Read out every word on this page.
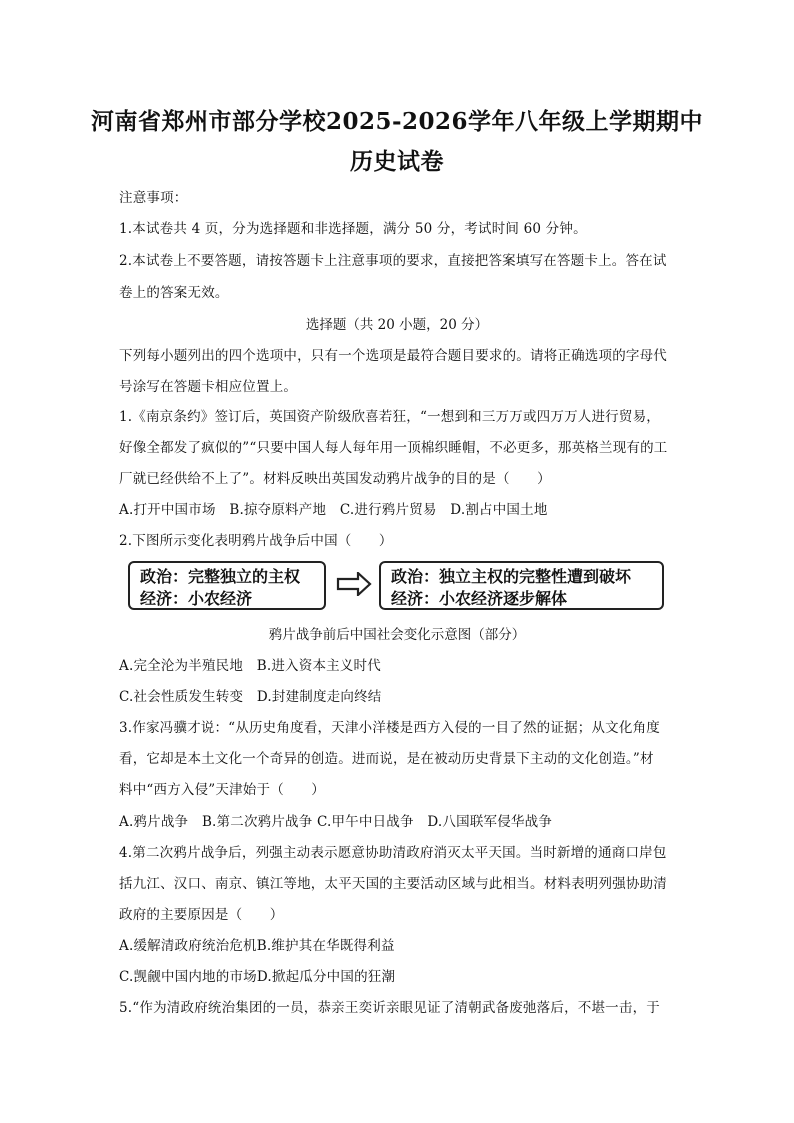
河南省郑州市部分学校2025-2026学年八年级上学期期中
历史试卷
注意事项：
1.本试卷共 4 页，分为选择题和非选择题，满分 50 分，考试时间 60 分钟。
2.本试卷上不要答题，请按答题卡上注意事项的要求，直接把答案填写在答题卡上。答在试
卷上的答案无效。
选择题（共 20 小题，20 分）
下列每小题列出的四个选项中，只有一个选项是最符合题目要求的。请将正确选项的字母代
号涂写在答题卡相应位置上。
1.《南京条约》签订后，英国资产阶级欣喜若狂，“一想到和三万万或四万万人进行贸易，
好像全都发了疯似的”“只要中国人每人每年用一顶棉织睡帽，不必更多，那英格兰现有的工
厂就已经供给不上了”。材料反映出英国发动鸦片战争的目的是（　　）
A.打开中国市场　B.掠夺原料产地　C.进行鸦片贸易　D.割占中国土地
2.下图所示变化表明鸦片战争后中国（　　）
政治：完整独立的主权
经济：小农经济
政治：独立主权的完整性遭到破坏
经济：小农经济逐步解体
鸦片战争前后中国社会变化示意图（部分）
A.完全沦为半殖民地　B.进入资本主义时代
C.社会性质发生转变　D.封建制度走向终结
3.作家冯骥才说：“从历史角度看，天津小洋楼是西方入侵的一目了然的证据；从文化角度
看，它却是本土文化一个奇异的创造。进而说，是在被动历史背景下主动的文化创造。”材
料中“西方入侵”天津始于（　　）
A.鸦片战争　B.第二次鸦片战争 C.甲午中日战争　D.八国联军侵华战争
4.第二次鸦片战争后，列强主动表示愿意协助清政府消灭太平天国。当时新增的通商口岸包
括九江、汉口、南京、镇江等地，太平天国的主要活动区域与此相当。材料表明列强协助清
政府的主要原因是（　　）
A.缓解清政府统治危机B.维护其在华既得利益
C.觊觎中国内地的市场D.掀起瓜分中国的狂潮
5.“作为清政府统治集团的一员，恭亲王奕䜣亲眼见证了清朝武备废弛落后，不堪一击，于
